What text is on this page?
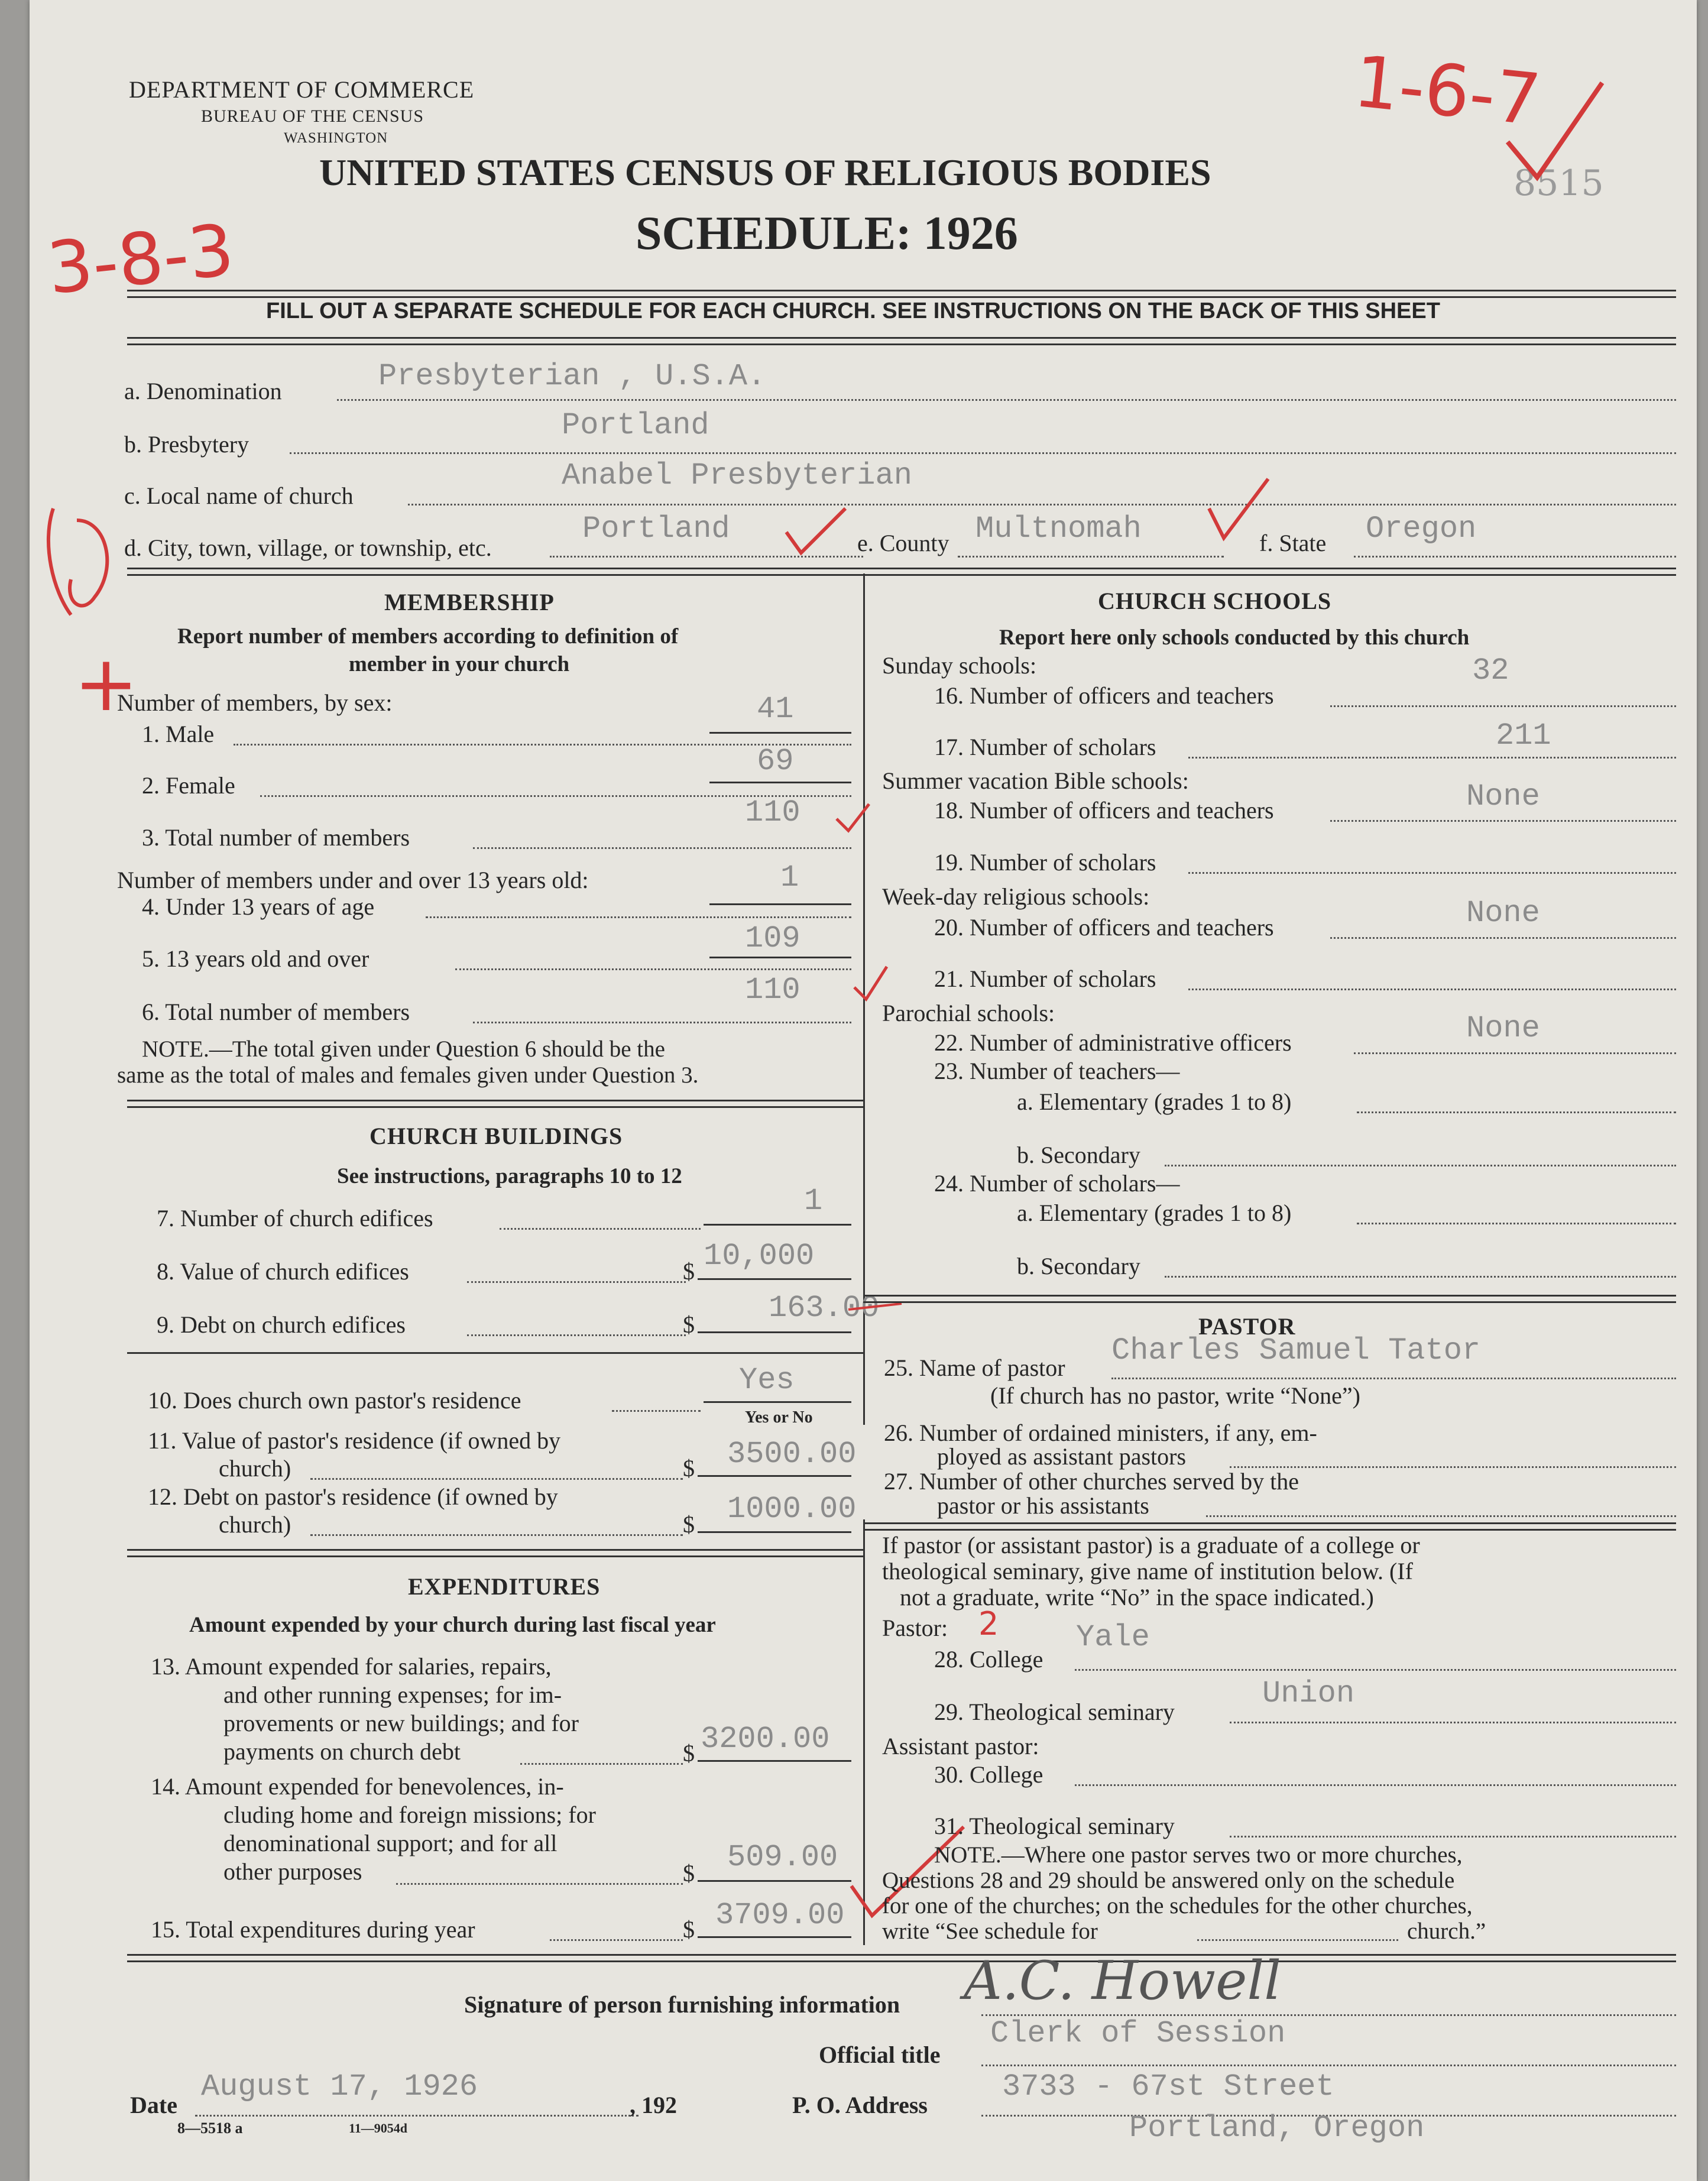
DEPARTMENT OF COMMERCE
BUREAU OF THE CENSUS
WASHINGTON
UNITED STATES CENSUS OF RELIGIOUS BODIES
SCHEDULE: 1926
8515
FILL OUT A SEPARATE SCHEDULE FOR EACH CHURCH. SEE INSTRUCTIONS ON THE BACK OF THIS SHEET
1-6-7
3-8-3
+
a. Denomination	Presbyterian , U.S.A.
b. Presbytery
Portland
c. Local name of church
Anabel Presbyterian
d. City, town, village, or township, etc.
Portland	e. County Multnomah	f. State Oregon
MEMBERSHIP
Report number of members according to definition of
member in your church
Number of members, by sex:
1. Male
41
2. Female
69
3. Total number of members
110
Number of members under and over 13 years old:
4. Under 13 years of age
1
5. 13 years old and over
109
6. Total number of members
110
NOTE.—The total given under Question 6 should be the
same as the total of males and females given under Question 3.
CHURCH BUILDINGS
See instructions, paragraphs 10 to 12
7. Number of church edifices	1
8. Value of church edifices	$ 10,000
9. Debt on church edifices	$ 163.00
10. Does church own pastor's residence
Yes
Yes or No
11. Value of pastor's residence (if owned by
church)	$ 3500.00
12. Debt on pastor's residence (if owned by
church)	$ 1000.00
EXPENDITURES
Amount expended by your church during last fiscal year
13. Amount expended for salaries, repairs,
and other running expenses; for im-
provements or new buildings; and for
payments on church debt	$ 3200.00
14. Amount expended for benevolences, in-
cluding home and foreign missions; for
denominational support; and for all
other purposes	$ 509.00
15. Total expenditures during year	$ 3709.00
CHURCH SCHOOLS
Report here only schools conducted by this church
Sunday schools:
16. Number of officers and teachers
32
17. Number of scholars	211
Summer vacation Bible schools:
18. Number of officers and teachers	None
19. Number of scholars
Week-day religious schools:
20. Number of officers and teachers	None
21. Number of scholars
Parochial schools:
22. Number of administrative officers	None
23. Number of teachers—
a. Elementary (grades 1 to 8)
b. Secondary
24. Number of scholars—
a. Elementary (grades 1 to 8)
b. Secondary
PASTOR
25. Name of pastor Charles Samuel Tator
(If church has no pastor, write “None”)
26. Number of ordained ministers, if any, em-
ployed as assistant pastors
27. Number of other churches served by the
pastor or his assistants
If pastor (or assistant pastor) is a graduate of a college or
theological seminary, give name of institution below. (If
not a graduate, write “No” in the space indicated.)
Pastor: 2
28. College
Yale
29. Theological seminary
Union
Assistant pastor:
30. College
31. Theological seminary
NOTE.—Where one pastor serves two or more churches,
Questions 28 and 29 should be answered only on the schedule
for one of the churches; on the schedules for the other churches,
write “See schedule for	church.”
Signature of person furnishing information A.C. Howell
Official title
Clerk of Session
Date
August 17, 1926
, 192	P. O. Address
3733 - 67st Street
Portland, Oregon
8—5518 a	11—9054d
